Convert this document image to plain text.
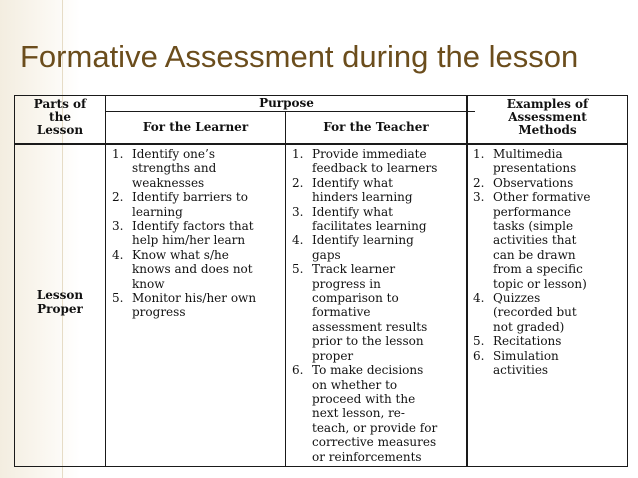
Formative Assessment during the lesson
Parts of
the
Lesson
Purpose
For the Learner	For the Teacher
Examples of
Assessment
Methods
Lesson
Proper
1. Identify one’s
strengths and
weaknesses
2. Identify barriers to
learning
3. Identify factors that
help him/her learn
4. Know what s/he
knows and does not
know
5. Monitor his/her own
progress
1. Provide immediate
feedback to learners
2. Identify what
hinders learning
3. Identify what
facilitates learning
4. Identify learning
gaps
5. Track learner
progress in
comparison to
formative
assessment results
prior to the lesson
proper
6. To make decisions
on whether to
proceed with the
next lesson, re-
teach, or provide for
corrective measures
or reinforcements
1. Multimedia
presentations
2. Observations
3. Other formative
performance
tasks (simple
activities that
can be drawn
from a specific
topic or lesson)
4. Quizzes
(recorded but
not graded)
5. Recitations
6. Simulation
activities
